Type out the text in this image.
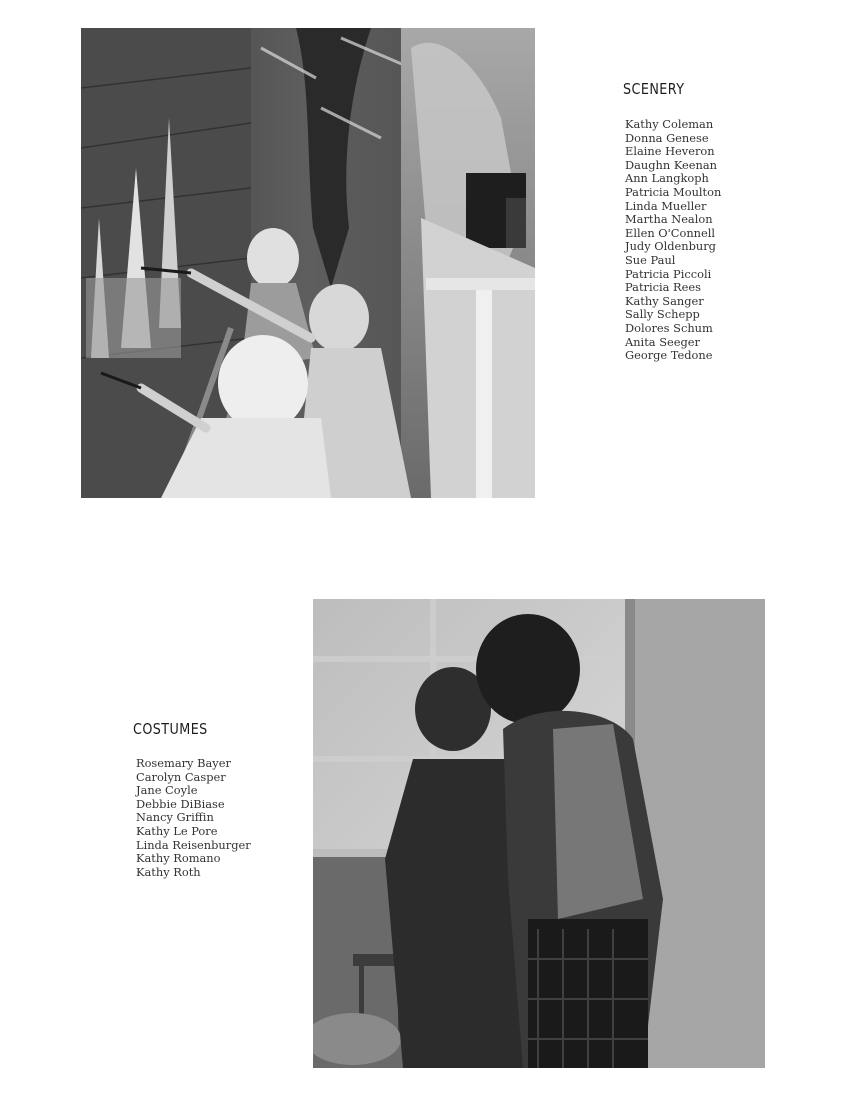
SCENERY
Kathy Coleman
Donna Genese
Elaine Heveron
Daughn Keenan
Ann Langkoph
Patricia Moulton
Linda Mueller
Martha Nealon
Ellen O'Connell
Judy Oldenburg
Sue Paul
Patricia Piccoli
Patricia Rees
Kathy Sanger
Sally Schepp
Dolores Schum
Anita Seeger
George Tedone
COSTUMES
Rosemary Bayer
Carolyn Casper
Jane Coyle
Debbie DiBiase
Nancy Griffin
Kathy Le Pore
Linda Reisenburger
Kathy Romano
Kathy Roth
